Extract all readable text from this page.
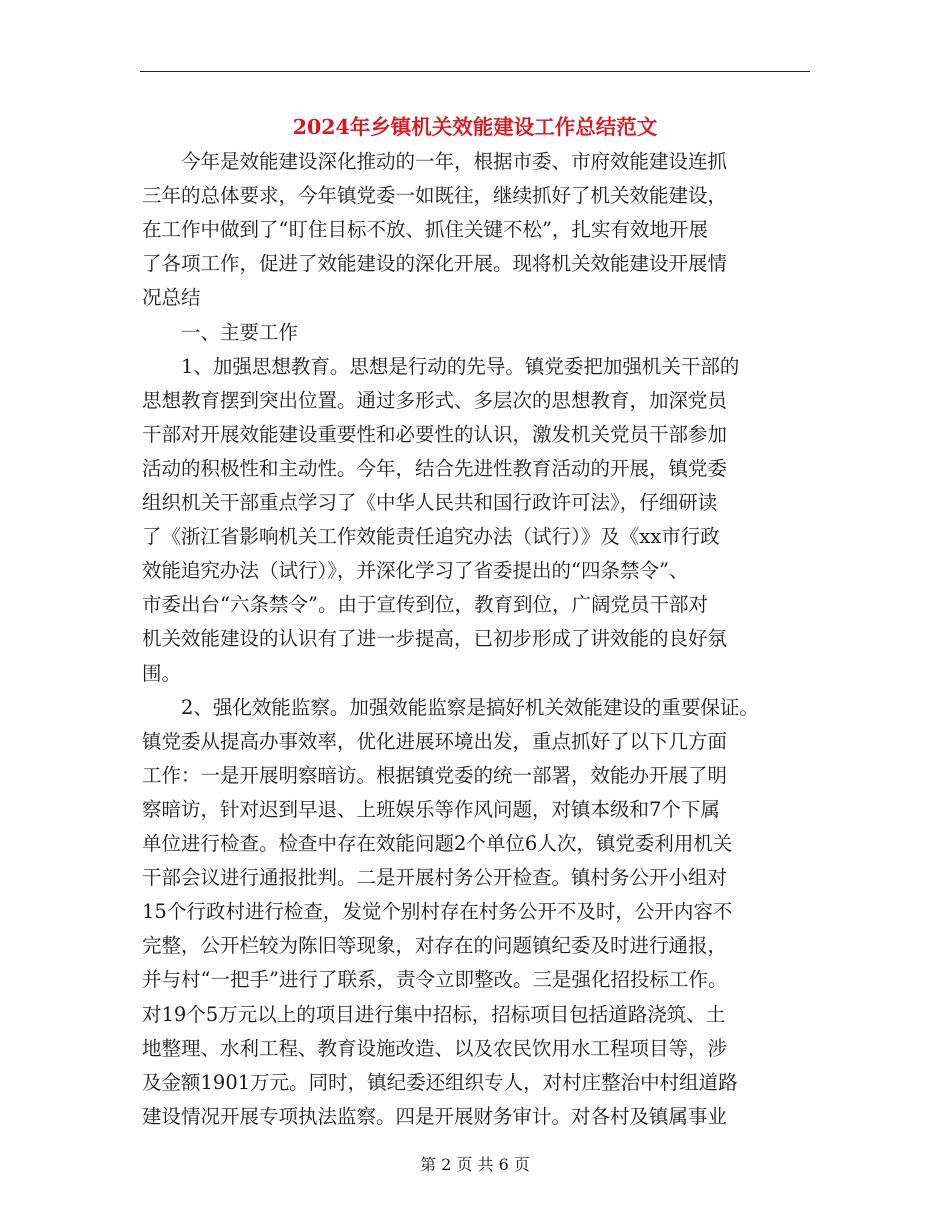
2024年乡镇机关效能建设工作总结范文
　　今年是效能建设深化推动的一年，根据市委、市府效能建设连抓
三年的总体要求，今年镇党委一如既往，继续抓好了机关效能建设，
在工作中做到了“盯住目标不放、抓住关键不松”，扎实有效地开展
了各项工作，促进了效能建设的深化开展。现将机关效能建设开展情
况总结
　　一、主要工作
　　1、加强思想教育。思想是行动的先导。镇党委把加强机关干部的
思想教育摆到突出位置。通过多形式、多层次的思想教育，加深党员
干部对开展效能建设重要性和必要性的认识，激发机关党员干部参加
活动的积极性和主动性。今年，结合先进性教育活动的开展，镇党委
组织机关干部重点学习了《中华人民共和国行政许可法》，仔细研读
了《浙江省影响机关工作效能责任追究办法（试行）》及《xx市行政
效能追究办法（试行）》，并深化学习了省委提出的“四条禁令”、
市委出台“六条禁令”。由于宣传到位，教育到位，广阔党员干部对
机关效能建设的认识有了进一步提高，已初步形成了讲效能的良好氛
围。
　　2、强化效能监察。加强效能监察是搞好机关效能建设的重要保证。
镇党委从提高办事效率，优化进展环境出发，重点抓好了以下几方面
工作：一是开展明察暗访。根据镇党委的统一部署，效能办开展了明
察暗访，针对迟到早退、上班娱乐等作风问题，对镇本级和7个下属
单位进行检查。检查中存在效能问题2个单位6人次，镇党委利用机关
干部会议进行通报批判。二是开展村务公开检查。镇村务公开小组对
15个行政村进行检查，发觉个别村存在村务公开不及时，公开内容不
完整，公开栏较为陈旧等现象，对存在的问题镇纪委及时进行通报，
并与村“一把手”进行了联系，责令立即整改。三是强化招投标工作。
对19个5万元以上的项目进行集中招标，招标项目包括道路浇筑、土
地整理、水利工程、教育设施改造、以及农民饮用水工程项目等，涉
及金额1901万元。同时，镇纪委还组织专人，对村庄整治中村组道路
建设情况开展专项执法监察。四是开展财务审计。对各村及镇属事业
第 2 页 共 6 页
